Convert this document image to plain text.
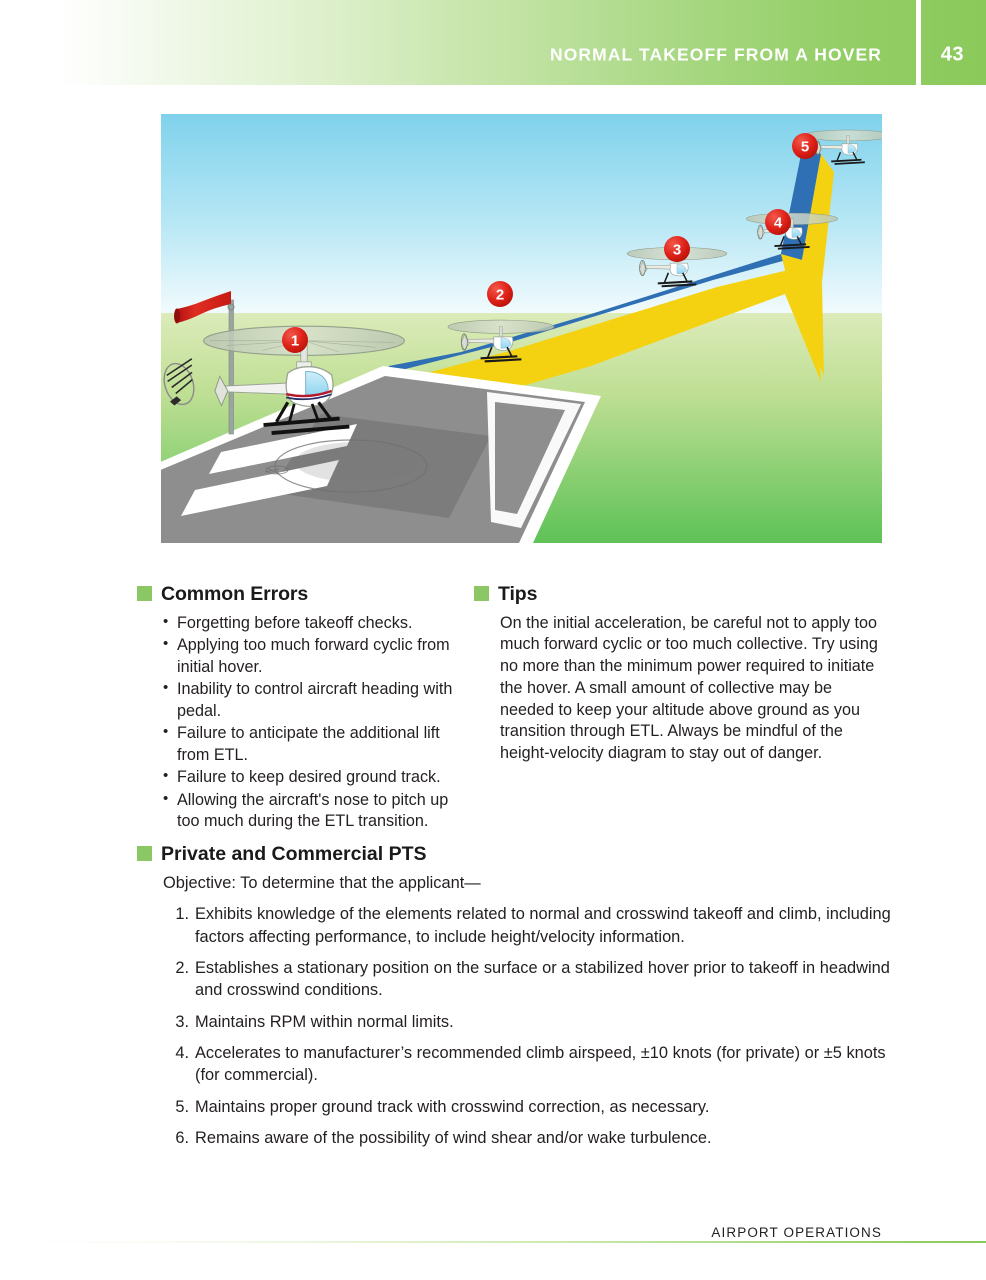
NORMAL TAKEOFF FROM A HOVER	43
1
2
3
4
5
Common Errors
• Forgetting before takeoff checks.
• Applying too much forward cyclic from initial hover.
• Inability to control aircraft heading with pedal.
• Failure to anticipate the additional lift from ETL.
• Failure to keep desired ground track.
• Allowing the aircraft's nose to pitch up too much during the ETL transition.
Tips
On the initial acceleration, be careful not to apply too much forward cyclic or too much collective. Try using no more than the minimum power required to initiate the hover. A small amount of collective may be needed to keep your altitude above ground as you transition through ETL. Always be mindful of the height-velocity diagram to stay out of danger.
Private and Commercial PTS
Objective: To determine that the applicant—
Exhibits knowledge of the elements related to normal and crosswind takeoff and climb, including factors affecting performance, to include height/velocity information.
Establishes a stationary position on the surface or a stabilized hover prior to takeoff in headwind and crosswind conditions.
Maintains RPM within normal limits.
Accelerates to manufacturer’s recommended climb airspeed, ±10 knots (for private) or ±5 knots (for commercial).
Maintains proper ground track with crosswind correction, as necessary.
Remains aware of the possibility of wind shear and/or wake turbulence.
AIRPORT OPERATIONS
